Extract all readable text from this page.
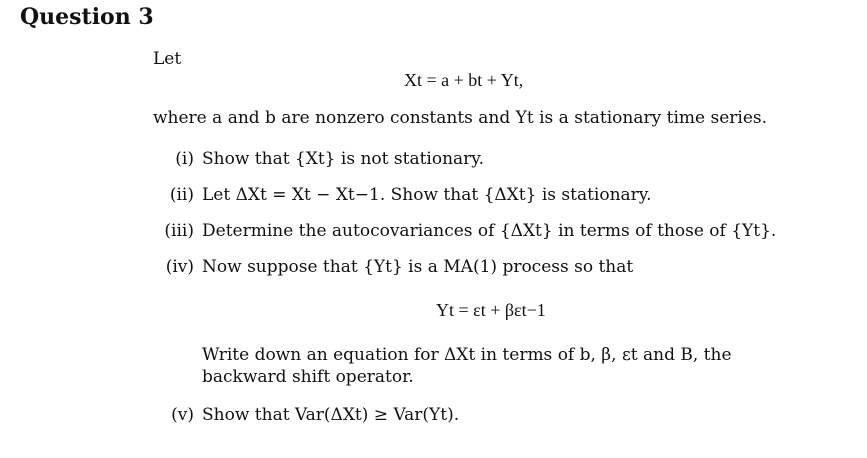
Question 3
Let
Xt = a + bt + Yt,
where a and b are nonzero constants and Yt is a stationary time series.
(i) Show that {Xt} is not stationary.
(ii) Let ΔXt = Xt − Xt−1. Show that {ΔXt} is stationary.
(iii) Determine the autocovariances of {ΔXt} in terms of those of {Yt}.
(iv) Now suppose that {Yt} is a MA(1) process so that
Yt = εt + βεt−1
Write down an equation for ΔXt in terms of b, β, εt and B, the backward shift operator.
(v) Show that Var(ΔXt) ≥ Var(Yt).
